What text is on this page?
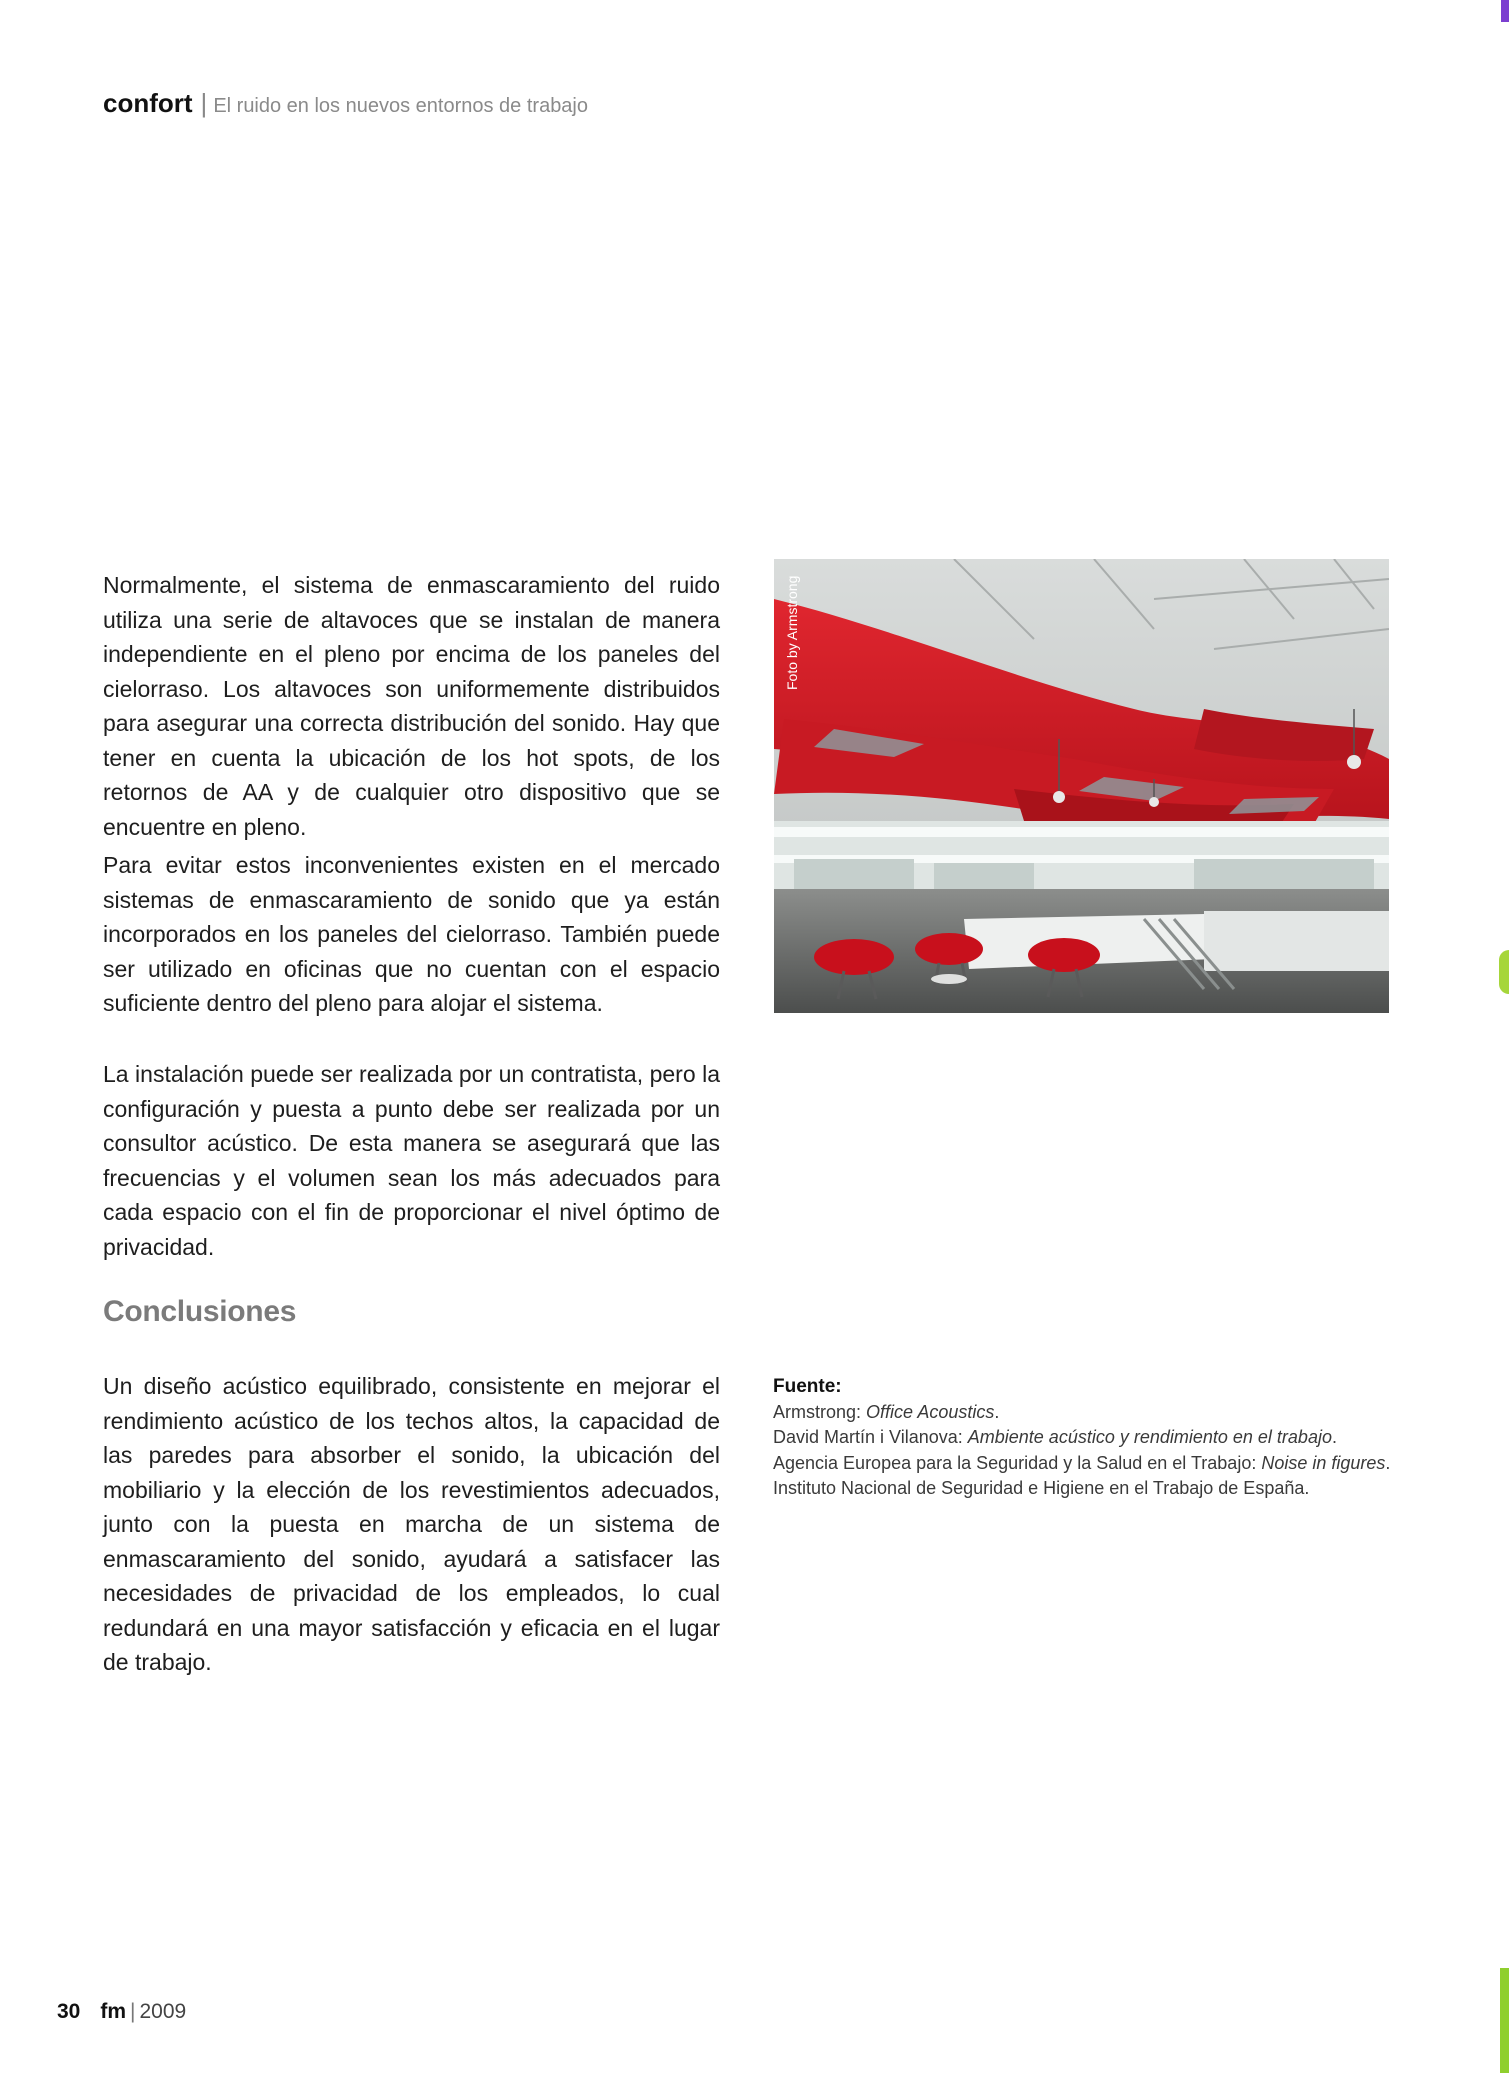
confort | El ruido en los nuevos entornos de trabajo

Normalmente, el sistema de enmascaramiento del ruido utiliza una serie de altavoces que se instalan de manera independiente en el pleno por encima de los paneles del cielorraso. Los altavoces son uniformemente distribuidos para asegurar una correcta distribución del sonido. Hay que tener en cuenta la ubicación de los hot spots, de los retornos de AA y de cualquier otro dispositivo que se encuentre en pleno.

Para evitar estos inconvenientes existen en el mercado sistemas de enmascaramiento de sonido que ya están incorporados en los paneles del cielorraso. También puede ser utilizado en oficinas que no cuentan con el espacio suficiente dentro del pleno para alojar el sistema.

La instalación puede ser realizada por un contratista, pero la configuración y puesta a punto debe ser realizada por un consultor acústico. De esta manera se asegurará que las frecuencias y el volumen sean los más adecuados para cada espacio con el fin de proporcionar el nivel óptimo de privacidad.

Conclusiones

Un diseño acústico equilibrado, consistente en mejorar el rendimiento acústico de los techos altos, la capacidad de las paredes para absorber el sonido, la ubicación del mobiliario y la elección de los revestimientos adecuados, junto con la puesta en marcha de un sistema de enmascaramiento del sonido, ayudará a satisfacer las necesidades de privacidad de los empleados, lo cual redundará en una mayor satisfacción y eficacia en el lugar de trabajo.

Foto by Armstrong
Fuente:
Armstrong: Office Acoustics.
David Martín i Vilanova: Ambiente acústico y rendimiento en el trabajo.
Agencia Europea para la Seguridad y la Salud en el Trabajo: Noise in figures.
Instituto Nacional de Seguridad e Higiene en el Trabajo de España.
30 fm | 2009
